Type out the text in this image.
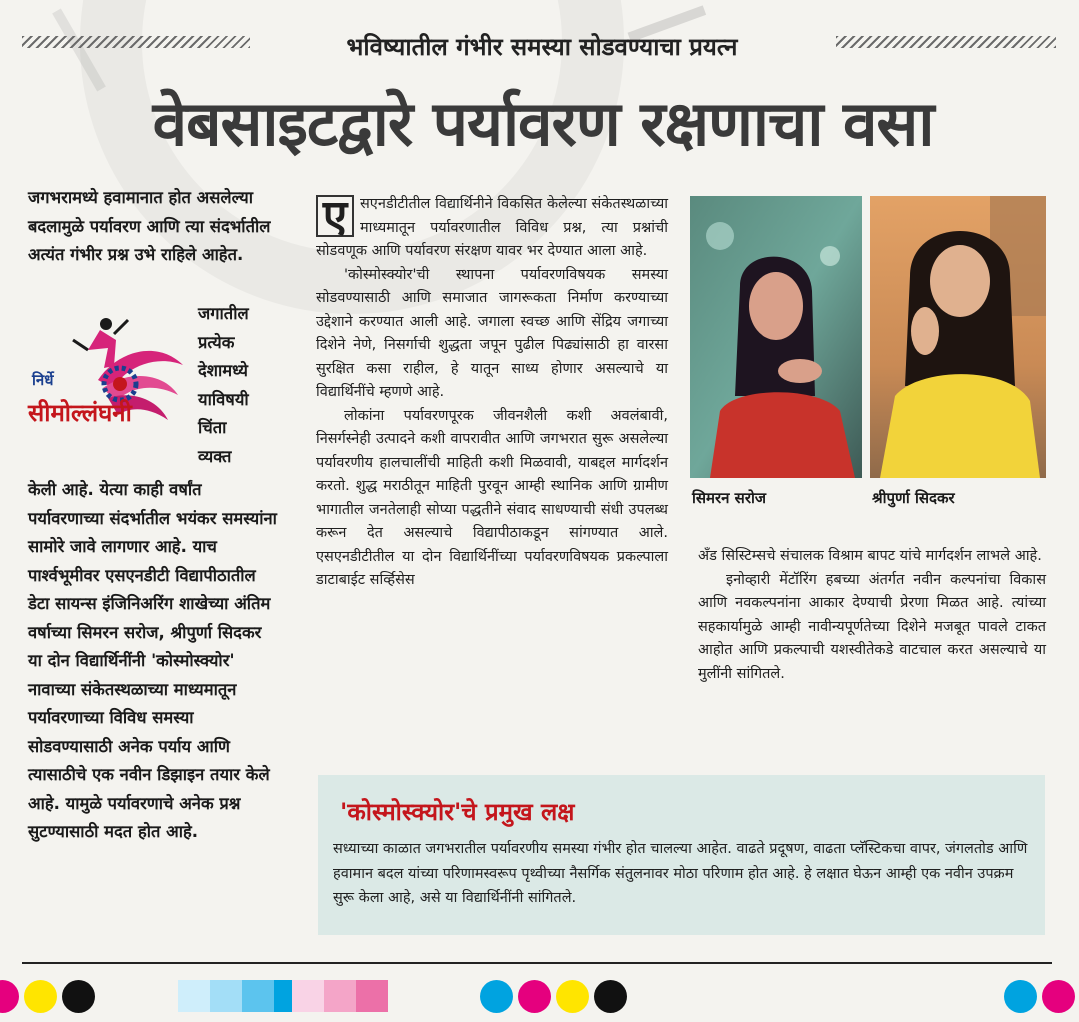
भविष्यातील गंभीर समस्या सोडवण्याचा प्रयत्न
वेबसाइटद्वारे पर्यावरण रक्षणाचा वसा

जगभरामध्ये हवामानात होत असलेल्या बदलामुळे पर्यावरण आणि त्या संदर्भातील अत्यंत गंभीर प्रश्न उभे राहिले आहेत.

निर्धे
सीमोल्लंघनी
जगातील
प्रत्येक
देशामध्ये
याविषयी
चिंता
व्यक्त

केली आहे. येत्या काही वर्षांत पर्यावरणाच्या संदर्भातील भयंकर समस्यांना सामोरे जावे लागणार आहे. याच पार्श्वभूमीवर एसएनडीटी विद्यापीठातील डेटा सायन्स इंजिनिअरिंग शाखेच्या अंतिम वर्षाच्या सिमरन सरोज, श्रीपुर्णा सिदकर या दोन विद्यार्थिनींनी 'कोस्मोस्क्योर' नावाच्या संकेतस्थळाच्या माध्यमातून पर्यावरणाच्या विविध समस्या सोडवण्यासाठी अनेक पर्याय आणि त्यासाठीचे एक नवीन डिझाइन तयार केले आहे. यामुळे पर्यावरणाचे अनेक प्रश्न सुटण्यासाठी मदत होत आहे.

ए सएनडीटीतील विद्यार्थिनीने विकसित केलेल्या संकेतस्थळाच्या माध्यमातून पर्यावरणातील विविध प्रश्न, त्या प्रश्नांची सोडवणूक आणि पर्यावरण संरक्षण यावर भर देण्यात आला आहे.

'कोस्मोस्क्योर'ची स्थापना पर्यावरणविषयक समस्या सोडवण्यासाठी आणि समाजात जागरूकता निर्माण करण्याच्या उद्देशाने करण्यात आली आहे. जगाला स्वच्छ आणि सेंद्रिय जगाच्या दिशेने नेणे, निसर्गाची शुद्धता जपून पुढील पिढ्यांसाठी हा वारसा सुरक्षित कसा राहील, हे यातून साध्य होणार असल्याचे या विद्यार्थिनींचे म्हणणे आहे.

लोकांना पर्यावरणपूरक जीवनशैली कशी अवलंबावी, निसर्गस्नेही उत्पादने कशी वापरावीत आणि जगभरात सुरू असलेल्या पर्यावरणीय हालचालींची माहिती कशी मिळवावी, याबद्दल मार्गदर्शन करतो. शुद्ध मराठीतून माहिती पुरवून आम्ही स्थानिक आणि ग्रामीण भागातील जनतेलाही सोप्या पद्धतीने संवाद साधण्याची संधी उपलब्ध करून देत असल्याचे विद्यापीठाकडून सांगण्यात आले. एसएनडीटीतील या दोन विद्यार्थिनींच्या पर्यावरणविषयक प्रकल्पाला डाटाबाईट सर्व्हिसेस

सिमरन सरोज	श्रीपुर्णा सिदकर

अँड सिस्टिम्सचे संचालक विश्राम बापट यांचे मार्गदर्शन लाभले आहे.

इनोव्हारी मेंटॉरिंग हबच्या अंतर्गत नवीन कल्पनांचा विकास आणि नवकल्पनांना आकार देण्याची प्रेरणा मिळत आहे. त्यांच्या सहकार्यामुळे आम्ही नावीन्यपूर्णतेच्या दिशेने मजबूत पावले टाकत आहोत आणि प्रकल्पाची यशस्वीतेकडे वाटचाल करत असल्याचे या मुलींनी सांगितले.

'कोस्मोस्क्योर'चे प्रमुख लक्ष
सध्याच्या काळात जगभरातील पर्यावरणीय समस्या गंभीर होत चालल्या आहेत. वाढते प्रदूषण, वाढता प्लॅस्टिकचा वापर, जंगलतोड आणि हवामान बदल यांच्या परिणामस्वरूप पृथ्वीच्या नैसर्गिक संतुलनावर मोठा परिणाम होत आहे. हे लक्षात घेऊन आम्ही एक नवीन उपक्रम सुरू केला आहे, असे या विद्यार्थिनींनी सांगितले.
